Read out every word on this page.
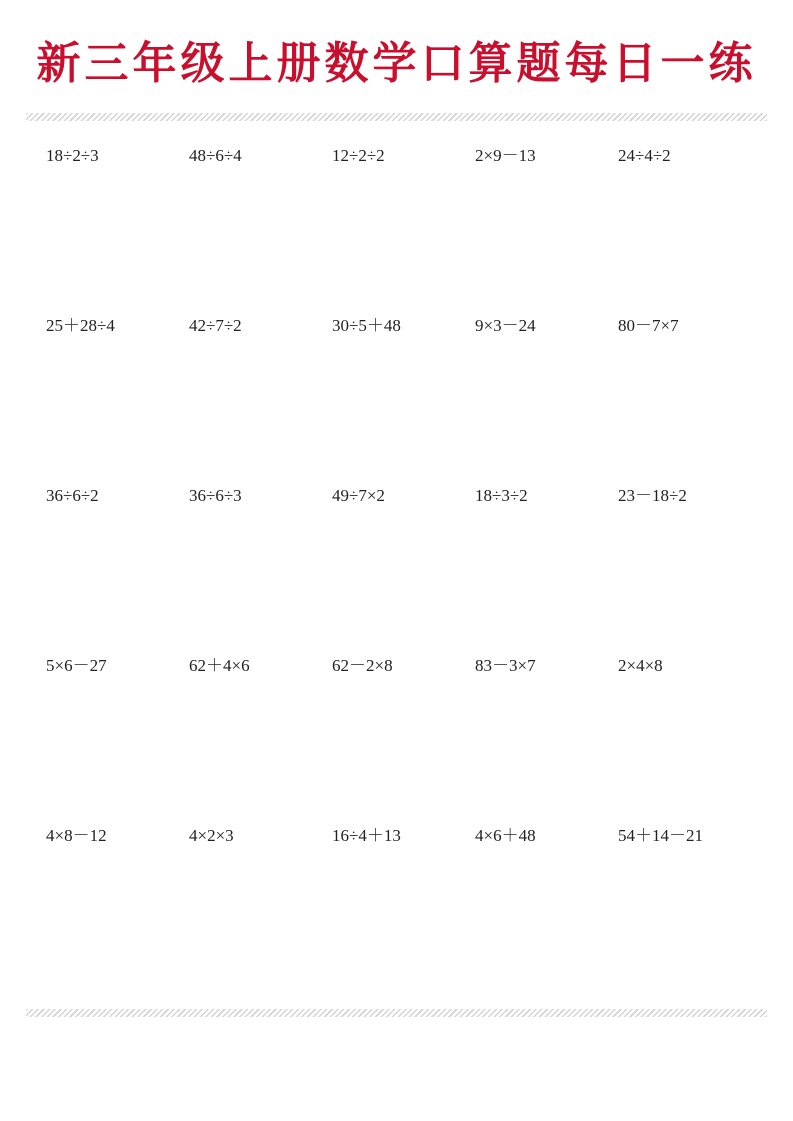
新三年级上册数学口算题每日一练
18÷2÷3	48÷6÷4	12÷2÷2	2×9－13	24÷4÷2
25＋28÷4	42÷7÷2	30÷5＋48	9×3－24	80－7×7
36÷6÷2	36÷6÷3	49÷7×2	18÷3÷2	23－18÷2
5×6－27	62＋4×6	62－2×8	83－3×7	2×4×8
4×8－12	4×2×3	16÷4＋13	4×6＋48	54＋14－21
